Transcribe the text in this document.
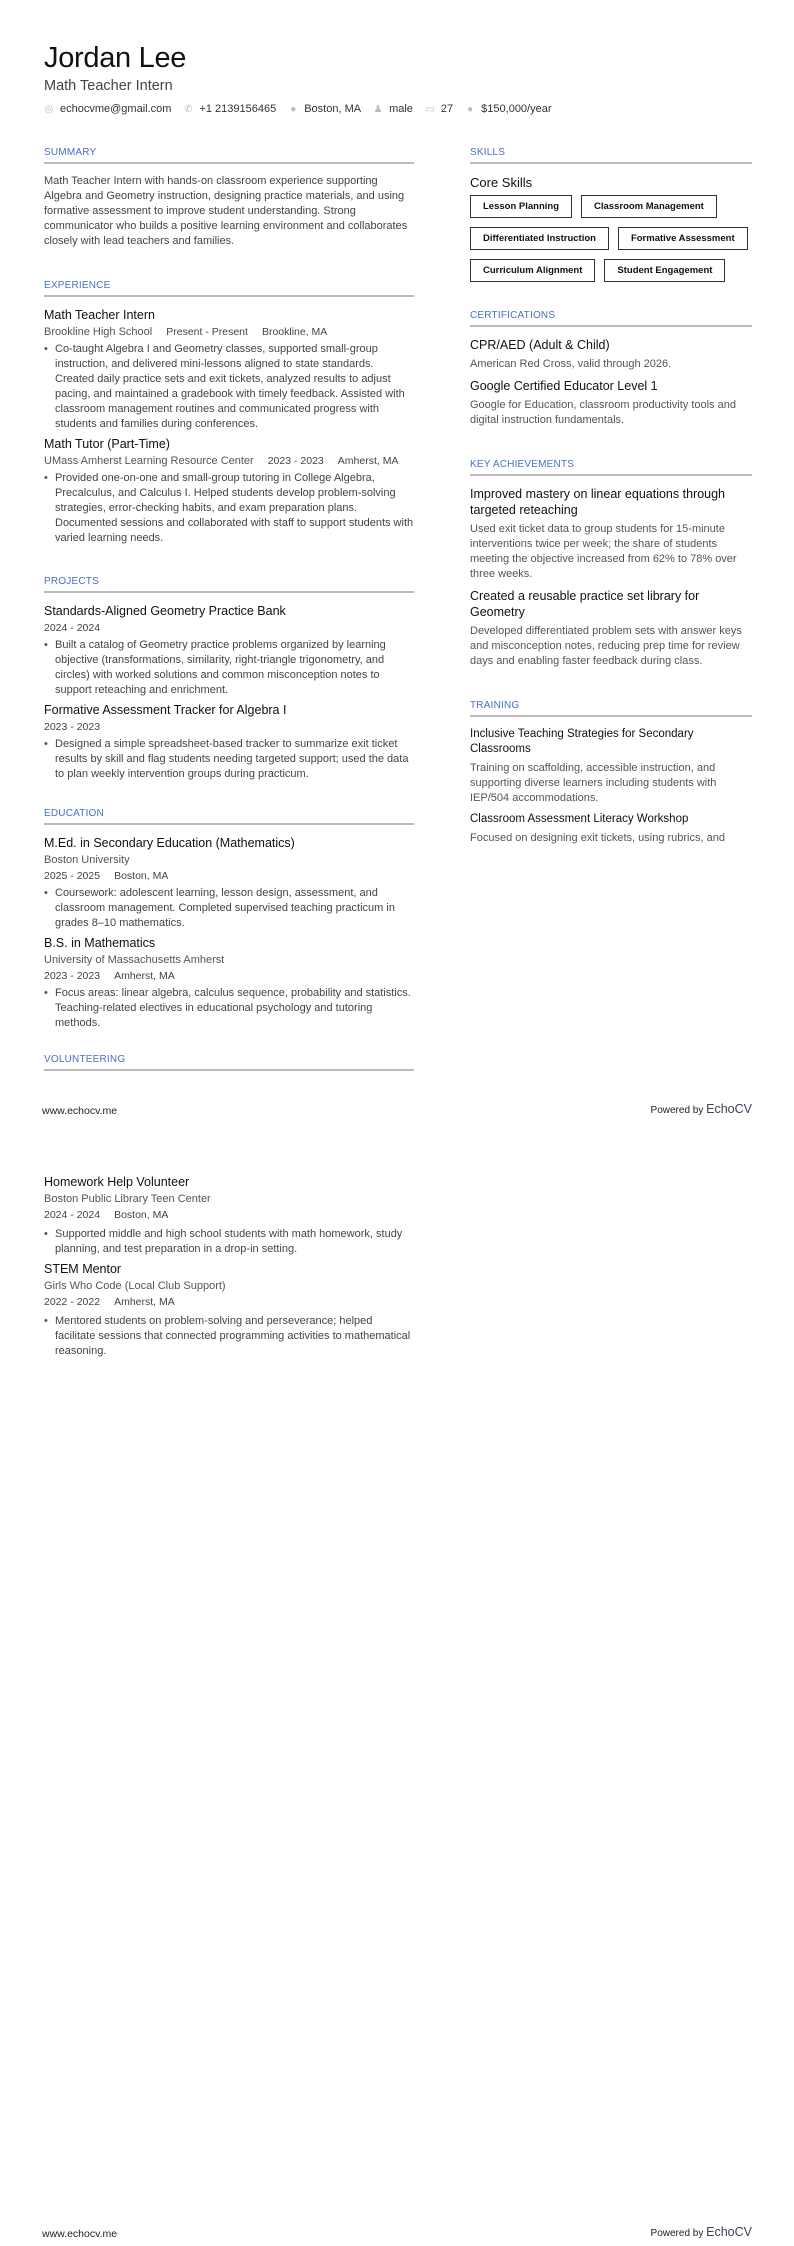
Jordan Lee
Math Teacher Intern
◎ echocvme@gmail.com ✆ +1 2139156465 ● Boston, MA ♟ male ▭ 27 ● $150,000/year
SUMMARY
Math Teacher Intern with hands-on classroom experience supporting Algebra and Geometry instruction, designing practice materials, and using formative assessment to improve student understanding. Strong communicator who builds a positive learning environment and collaborates closely with lead teachers and families.
EXPERIENCE
Math Teacher Intern
Brookline High School Present - Present Brookline, MA
• Co-taught Algebra I and Geometry classes, supported small-group instruction, and delivered mini-lessons aligned to state standards. Created daily practice sets and exit tickets, analyzed results to adjust pacing, and maintained a gradebook with timely feedback. Assisted with classroom management routines and communicated progress with students and families during conferences.
Math Tutor (Part-Time)
UMass Amherst Learning Resource Center 2023 - 2023 Amherst, MA
• Provided one-on-one and small-group tutoring in College Algebra, Precalculus, and Calculus I. Helped students develop problem-solving strategies, error-checking habits, and exam preparation plans. Documented sessions and collaborated with staff to support students with varied learning needs.
PROJECTS
Standards-Aligned Geometry Practice Bank
2024 - 2024
• Built a catalog of Geometry practice problems organized by learning objective (transformations, similarity, right-triangle trigonometry, and circles) with worked solutions and common misconception notes to support reteaching and enrichment.
Formative Assessment Tracker for Algebra I
2023 - 2023
• Designed a simple spreadsheet-based tracker to summarize exit ticket results by skill and flag students needing targeted support; used the data to plan weekly intervention groups during practicum.
EDUCATION
M.Ed. in Secondary Education (Mathematics)
Boston University
2025 - 2025 Boston, MA
• Coursework: adolescent learning, lesson design, assessment, and classroom management. Completed supervised teaching practicum in grades 8–10 mathematics.
B.S. in Mathematics
University of Massachusetts Amherst
2023 - 2023 Amherst, MA
• Focus areas: linear algebra, calculus sequence, probability and statistics. Teaching-related electives in educational psychology and tutoring methods.
VOLUNTEERING
Homework Help Volunteer
Boston Public Library Teen Center
2024 - 2024 Boston, MA
• Supported middle and high school students with math homework, study planning, and test preparation in a drop-in setting.
STEM Mentor
Girls Who Code (Local Club Support)
2022 - 2022 Amherst, MA
• Mentored students on problem-solving and perseverance; helped facilitate sessions that connected programming activities to mathematical reasoning.
SKILLS
Core Skills
Lesson Planning	Classroom Management
Differentiated Instruction	Formative Assessment
Curriculum Alignment	Student Engagement
CERTIFICATIONS
CPR/AED (Adult & Child)
American Red Cross, valid through 2026.
Google Certified Educator Level 1
Google for Education, classroom productivity tools and digital instruction fundamentals.
KEY ACHIEVEMENTS
Improved mastery on linear equations through targeted reteaching
Used exit ticket data to group students for 15-minute interventions twice per week; the share of students meeting the objective increased from 62% to 78% over three weeks.
Created a reusable practice set library for Geometry
Developed differentiated problem sets with answer keys and misconception notes, reducing prep time for review days and enabling faster feedback during class.
TRAINING
Inclusive Teaching Strategies for Secondary Classrooms
Training on scaffolding, accessible instruction, and supporting diverse learners including students with IEP/504 accommodations.
Classroom Assessment Literacy Workshop
Focused on designing exit tickets, using rubrics, and
www.echocv.me	Powered by EchoCV
www.echocv.me	Powered by EchoCV
